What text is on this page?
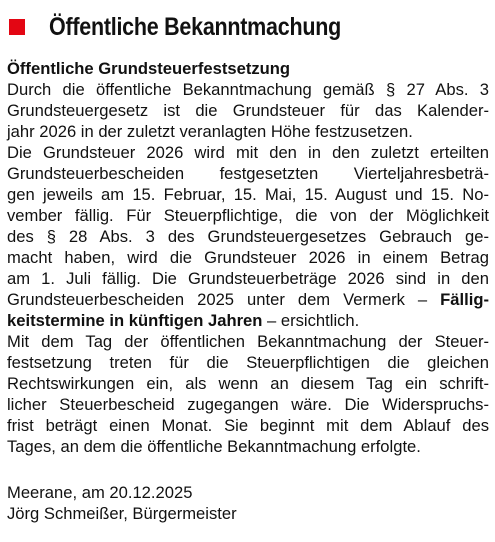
Öffentliche Bekanntmachung
Öffentliche Grundsteuerfestsetzung
Durch die öffentliche Bekanntmachung gemäß § 27 Abs. 3
Grundsteuergesetz ist die Grundsteuer für das Kalender-
jahr 2026 in der zuletzt veranlagten Höhe festzusetzen.
Die Grundsteuer 2026 wird mit den in den zuletzt erteilten
Grundsteuerbescheiden festgesetzten Vierteljahresbeträ-
gen jeweils am 15. Februar, 15. Mai, 15. August und 15. No-
vember fällig. Für Steuerpflichtige, die von der Möglichkeit
des § 28 Abs. 3 des Grundsteuergesetzes Gebrauch ge-
macht haben, wird die Grundsteuer 2026 in einem Betrag
am 1. Juli fällig. Die Grundsteuerbeträge 2026 sind in den
Grundsteuerbescheiden 2025 unter dem Vermerk – Fällig-
keitstermine in künftigen Jahren – ersichtlich.
Mit dem Tag der öffentlichen Bekanntmachung der Steuer-
festsetzung treten für die Steuerpflichtigen die gleichen
Rechtswirkungen ein, als wenn an diesem Tag ein schrift-
licher Steuerbescheid zugegangen wäre. Die Widerspruchs-
frist beträgt einen Monat. Sie beginnt mit dem Ablauf des
Tages, an dem die öffentliche Bekanntmachung erfolgte.
Meerane, am 20.12.2025
Jörg Schmeißer, Bürgermeister
